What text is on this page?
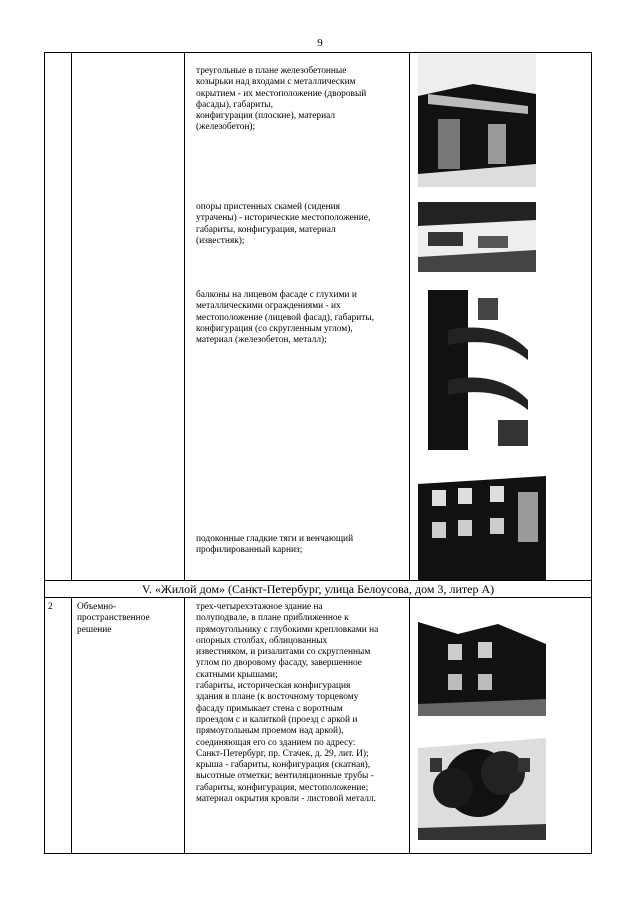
9
треугольные в плане железобетонные
козырьки над входами с металлическим
окрытием - их местоположение (дворовый
фасады), габариты,
конфигурация (плоские), материал
(железобетон);
опоры пристенных скамей (сидения
утрачены) - исторические местоположение,
габариты, конфигурация, материал
(известняк);
балконы на лицевом фасаде с глухими и
металлическими ограждениями - их
местоположение (лицевой фасад), габариты,
конфигурация (со скругленным углом),
материал (железобетон, металл);
подоконные гладкие тяги и венчающий
профилированный карниз;
V. «Жилой дом» (Санкт-Петербург, улица Белоусова, дом 3, литер А)
2	Объемно-
пространственное
решение
трех-четырехэтажное здание на
полуподвале, в плане приближенное к
прямоугольнику с глубокими крепловками на
опорных столбах, облицованных
известняком, и ризалитами со скругленным
углом по дворовому фасаду, завершенное
скатными крышами;
габариты, историческая конфигурация
здания в плане (к восточному торцевому
фасаду примыкает стена с воротным
проездом с и калиткой (проезд с аркой и
прямоугольным проемом над аркой),
соединяющая его со зданием по адресу:
Санкт-Петербург, пр. Стачек, д. 29, лит. И);
крыша - габариты, конфигурация (скатная),
высотные отметки; вентиляционные трубы -
габариты, конфигурация, местоположение;
материал окрытия кровли - листовой металл.
